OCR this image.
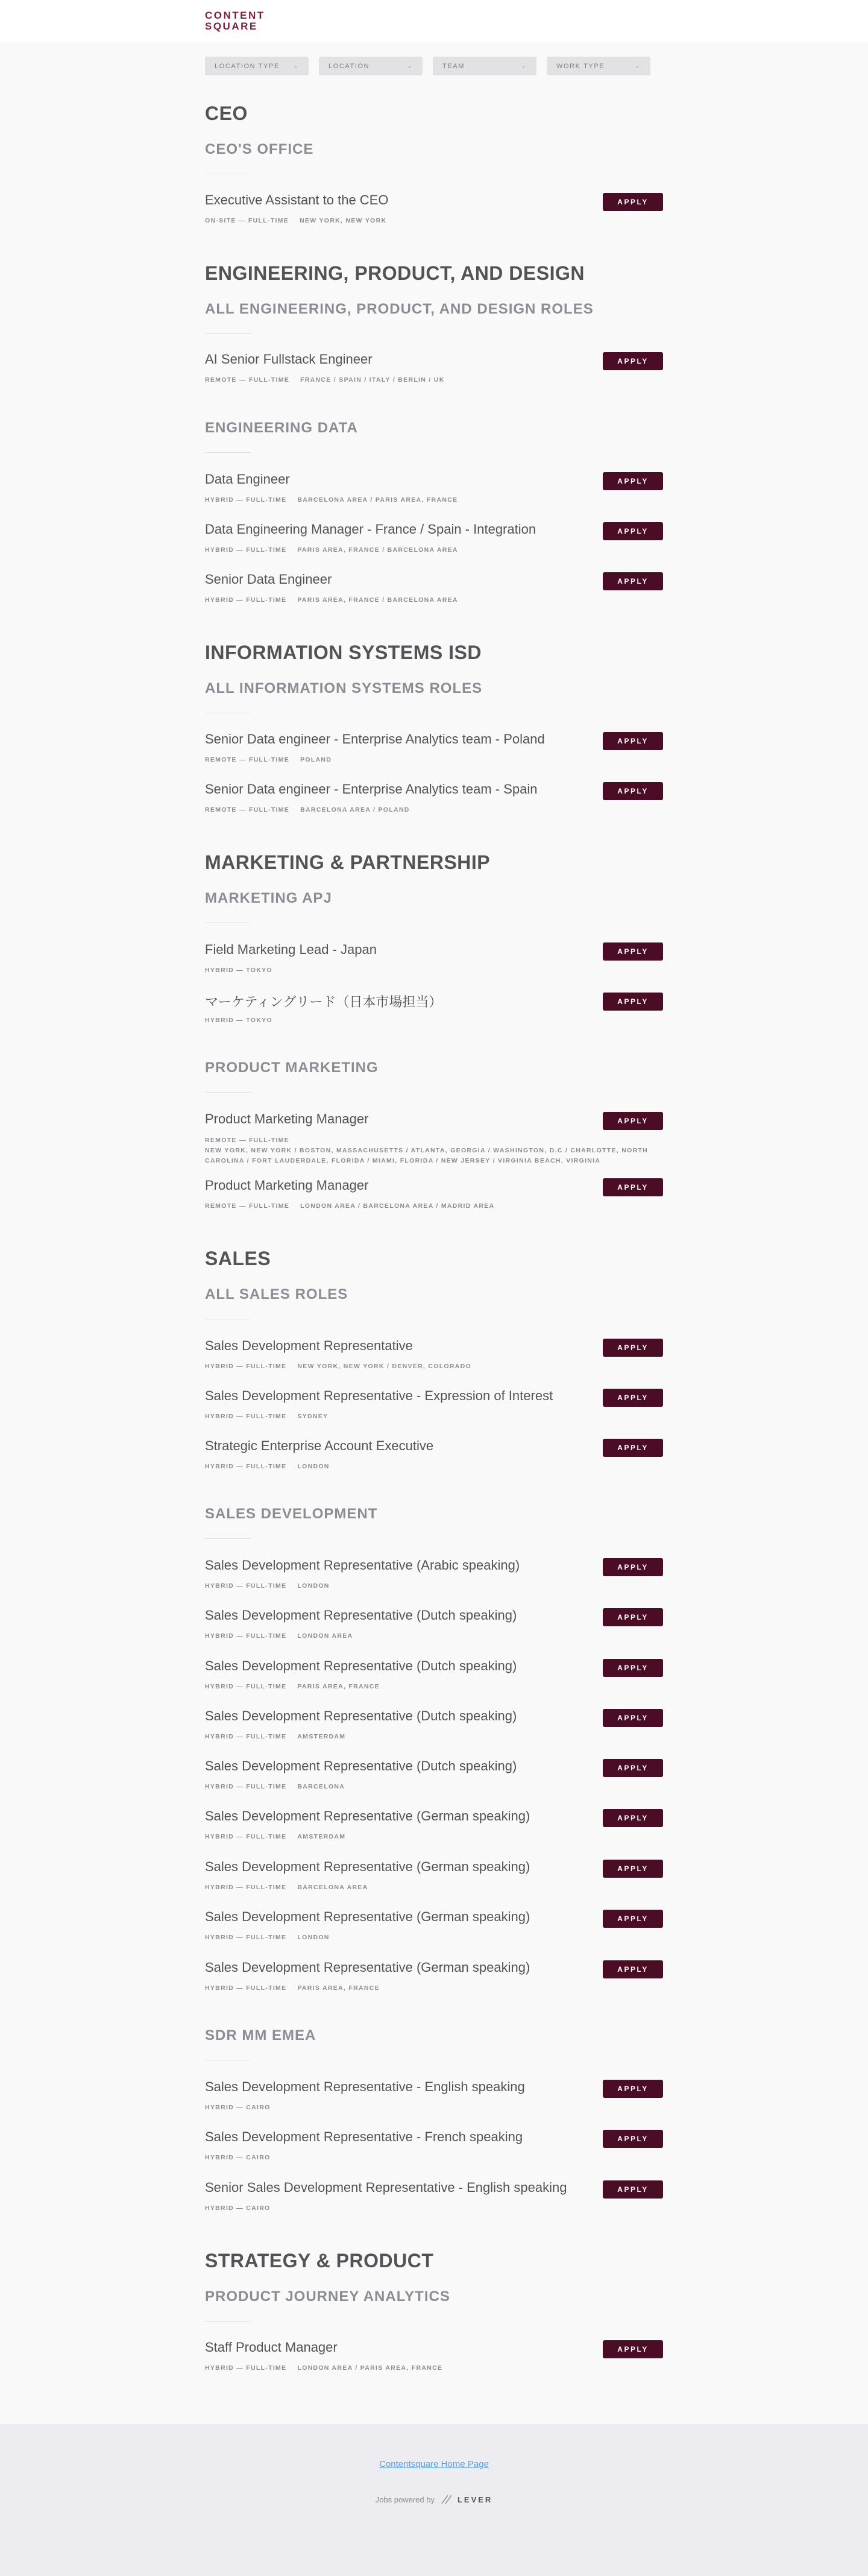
CONTENT
SQUARE
LOCATION TYPE	⌄	LOCATION	⌄	TEAM	⌄	WORK TYPE	⌄
CEO
CEO'S OFFICE
Executive Assistant to the CEO
ON-SITE — FULL-TIME NEW YORK, NEW YORK
APPLY
ENGINEERING, PRODUCT, AND DESIGN
ALL ENGINEERING, PRODUCT, AND DESIGN ROLES
AI Senior Fullstack Engineer
REMOTE — FULL-TIME FRANCE / SPAIN / ITALY / BERLIN / UK
APPLY
ENGINEERING DATA
Data Engineer
HYBRID — FULL-TIME BARCELONA AREA / PARIS AREA, FRANCE
APPLY
Data Engineering Manager - France / Spain - Integration
HYBRID — FULL-TIME PARIS AREA, FRANCE / BARCELONA AREA
APPLY
Senior Data Engineer
HYBRID — FULL-TIME PARIS AREA, FRANCE / BARCELONA AREA
APPLY
INFORMATION SYSTEMS ISD
ALL INFORMATION SYSTEMS ROLES
Senior Data engineer - Enterprise Analytics team - Poland
REMOTE — FULL-TIME POLAND
APPLY
Senior Data engineer - Enterprise Analytics team - Spain
REMOTE — FULL-TIME BARCELONA AREA / POLAND
APPLY
MARKETING & PARTNERSHIP
MARKETING APJ
Field Marketing Lead - Japan
HYBRID — TOKYO
APPLY
マーケティングリード（日本市場担当）
HYBRID — TOKYO
APPLY
PRODUCT MARKETING
Product Marketing Manager
REMOTE — FULL-TIME
NEW YORK, NEW YORK / BOSTON, MASSACHUSETTS / ATLANTA, GEORGIA / WASHINGTON, D.C / CHARLOTTE, NORTH CAROLINA / FORT LAUDERDALE, FLORIDA / MIAMI, FLORIDA / NEW JERSEY / VIRGINIA BEACH, VIRGINIA
APPLY
Product Marketing Manager
REMOTE — FULL-TIME LONDON AREA / BARCELONA AREA / MADRID AREA
APPLY
SALES
ALL SALES ROLES
Sales Development Representative
HYBRID — FULL-TIME NEW YORK, NEW YORK / DENVER, COLORADO
APPLY
Sales Development Representative - Expression of Interest
HYBRID — FULL-TIME SYDNEY
APPLY
Strategic Enterprise Account Executive
HYBRID — FULL-TIME LONDON
APPLY
SALES DEVELOPMENT
Sales Development Representative (Arabic speaking)
HYBRID — FULL-TIME LONDON
APPLY
Sales Development Representative (Dutch speaking)
HYBRID — FULL-TIME LONDON AREA
APPLY
Sales Development Representative (Dutch speaking)
HYBRID — FULL-TIME PARIS AREA, FRANCE
APPLY
Sales Development Representative (Dutch speaking)
HYBRID — FULL-TIME AMSTERDAM
APPLY
Sales Development Representative (Dutch speaking)
HYBRID — FULL-TIME BARCELONA
APPLY
Sales Development Representative (German speaking)
HYBRID — FULL-TIME AMSTERDAM
APPLY
Sales Development Representative (German speaking)
HYBRID — FULL-TIME BARCELONA AREA
APPLY
Sales Development Representative (German speaking)
HYBRID — FULL-TIME LONDON
APPLY
Sales Development Representative (German speaking)
HYBRID — FULL-TIME PARIS AREA, FRANCE
APPLY
SDR MM EMEA
Sales Development Representative - English speaking
HYBRID — CAIRO
APPLY
Sales Development Representative - French speaking
HYBRID — CAIRO
APPLY
Senior Sales Development Representative - English speaking
HYBRID — CAIRO
APPLY
STRATEGY & PRODUCT
PRODUCT JOURNEY ANALYTICS
Staff Product Manager
HYBRID — FULL-TIME LONDON AREA / PARIS AREA, FRANCE
APPLY
Contentsquare Home Page
Jobs powered by	LEVER
